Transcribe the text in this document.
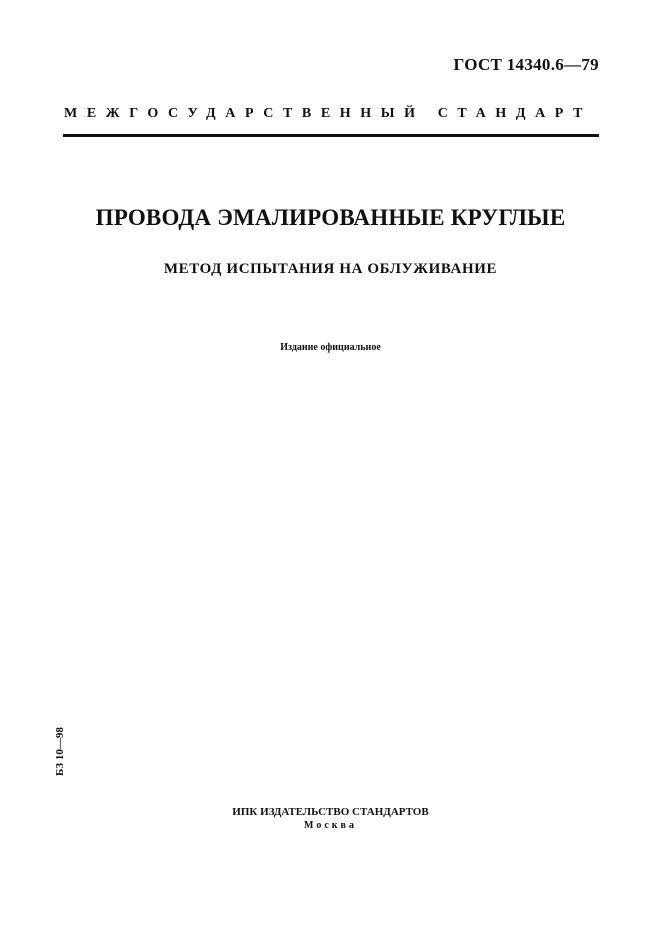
ГОСТ 14340.6—79
МЕЖГОСУДАРСТВЕННЫЙ СТАНДАРТ
ПРОВОДА ЭМАЛИРОВАННЫЕ КРУГЛЫЕ
МЕТОД ИСПЫТАНИЯ НА ОБЛУЖИВАНИЕ
Издание официальное
БЗ 10—98
ИПК ИЗДАТЕЛЬСТВО СТАНДАРТОВ
Москва
